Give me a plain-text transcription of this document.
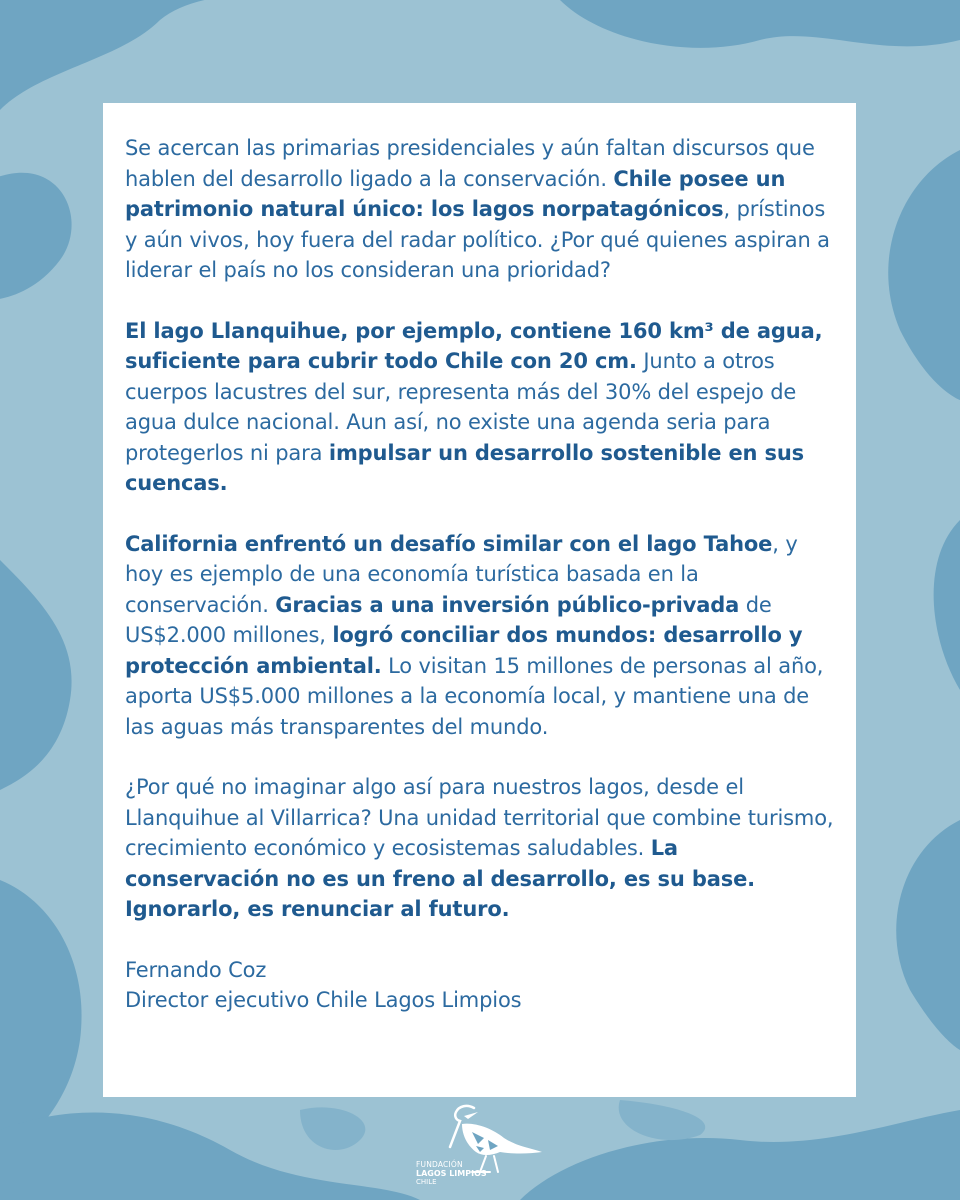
Se acercan las primarias presidenciales y aún faltan discursos que hablen del desarrollo ligado a la conservación. Chile posee un patrimonio natural único: los lagos norpatagónicos, prístinos y aún vivos, hoy fuera del radar político. ¿Por qué quienes aspiran a liderar el país no los consideran una prioridad?

El lago Llanquihue, por ejemplo, contiene 160 km³ de agua, suficiente para cubrir todo Chile con 20 cm. Junto a otros cuerpos lacustres del sur, representa más del 30% del espejo de agua dulce nacional. Aun así, no existe una agenda seria para protegerlos ni para impulsar un desarrollo sostenible en sus cuencas.

California enfrentó un desafío similar con el lago Tahoe, y hoy es ejemplo de una economía turística basada en la conservación. Gracias a una inversión público-privada de US$2.000 millones, logró conciliar dos mundos: desarrollo y protección ambiental. Lo visitan 15 millones de personas al año, aporta US$5.000 millones a la economía local, y mantiene una de las aguas más transparentes del mundo.

¿Por qué no imaginar algo así para nuestros lagos, desde el Llanquihue al Villarrica? Una unidad territorial que combine turismo, crecimiento económico y ecosistemas saludables. La conservación no es un freno al desarrollo, es su base. Ignorarlo, es renunciar al futuro.

Fernando Coz
Director ejecutivo Chile Lagos Limpios

FUNDACIÓN
LAGOS LIMPIOS
CHILE
